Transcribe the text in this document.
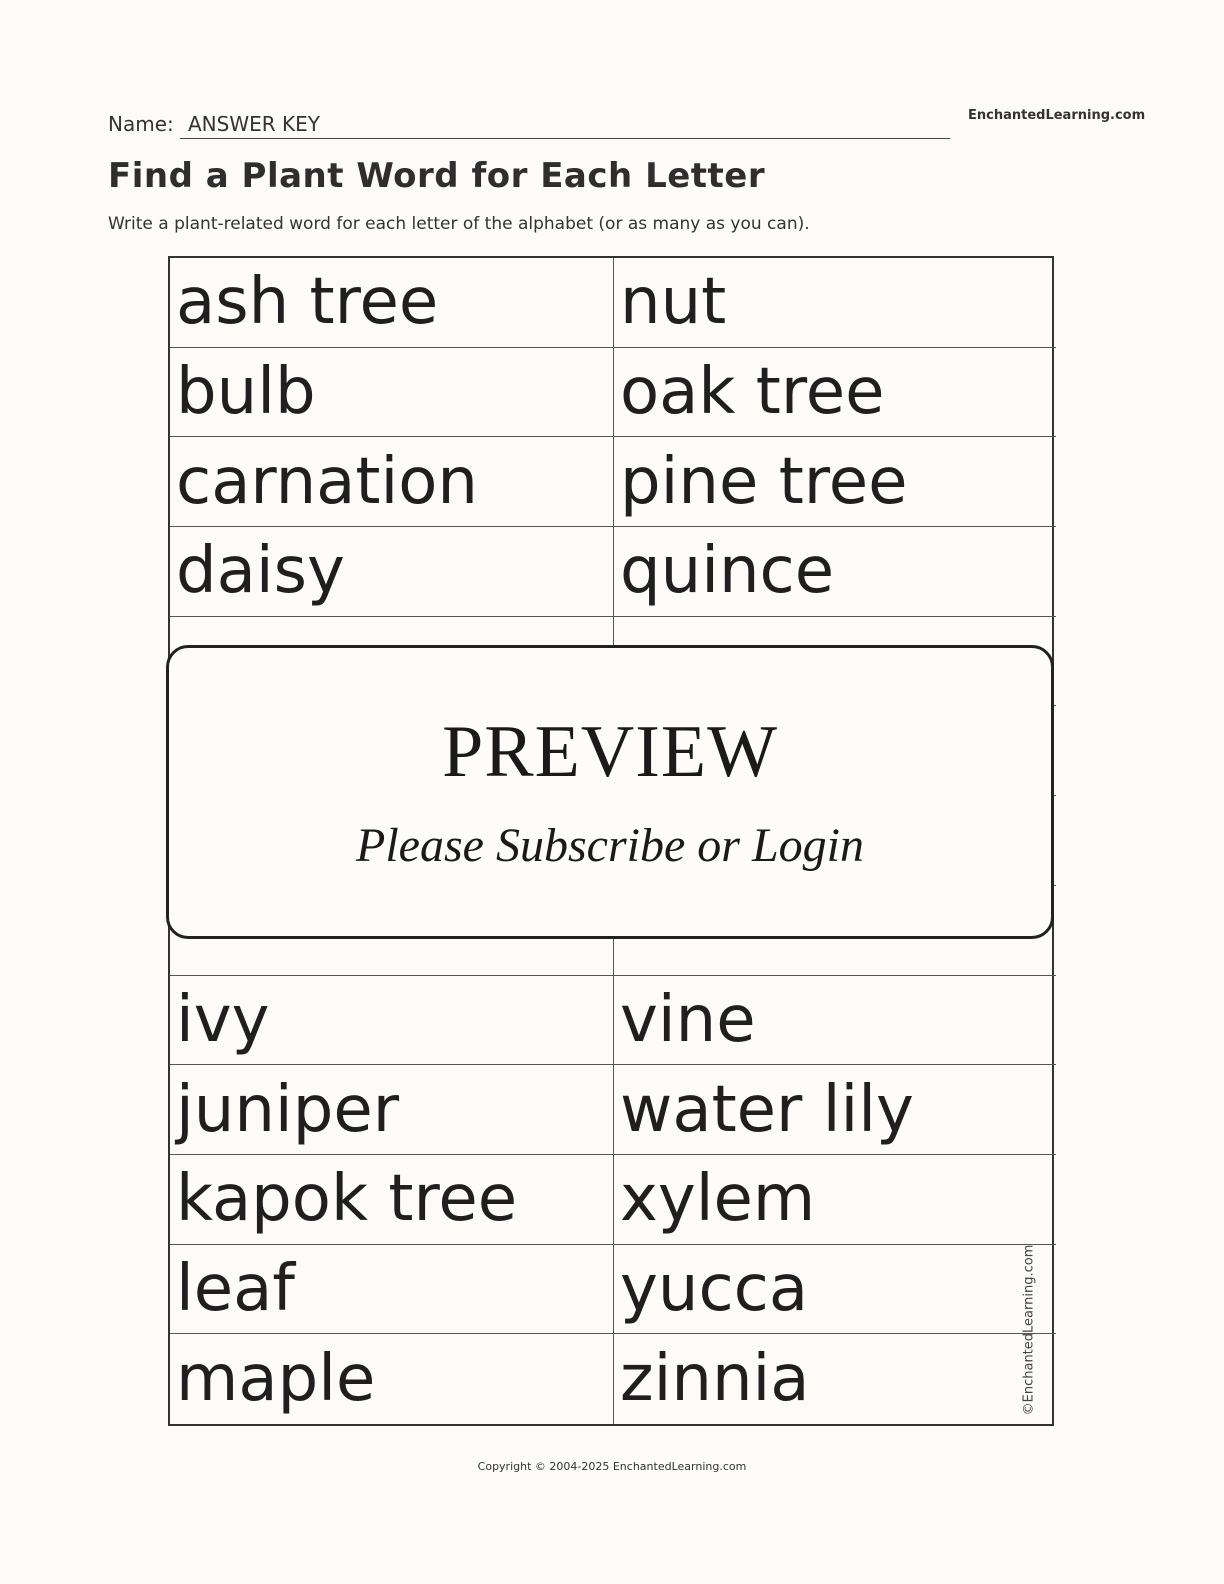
Name: ANSWER KEY	EnchantedLearning.com
Find a Plant Word for Each Letter
Write a plant-related word for each letter of the alphabet (or as many as you can).
ash tree	nut
bulb	oak tree
carnation	pine tree
daisy	quince
ivy	vine
juniper	water lily
kapok tree	xylem
leaf	yucca
maple	zinnia	©EnchantedLearning.com
PREVIEW
Please Subscribe or Login
Copyright © 2004-2025 EnchantedLearning.com
